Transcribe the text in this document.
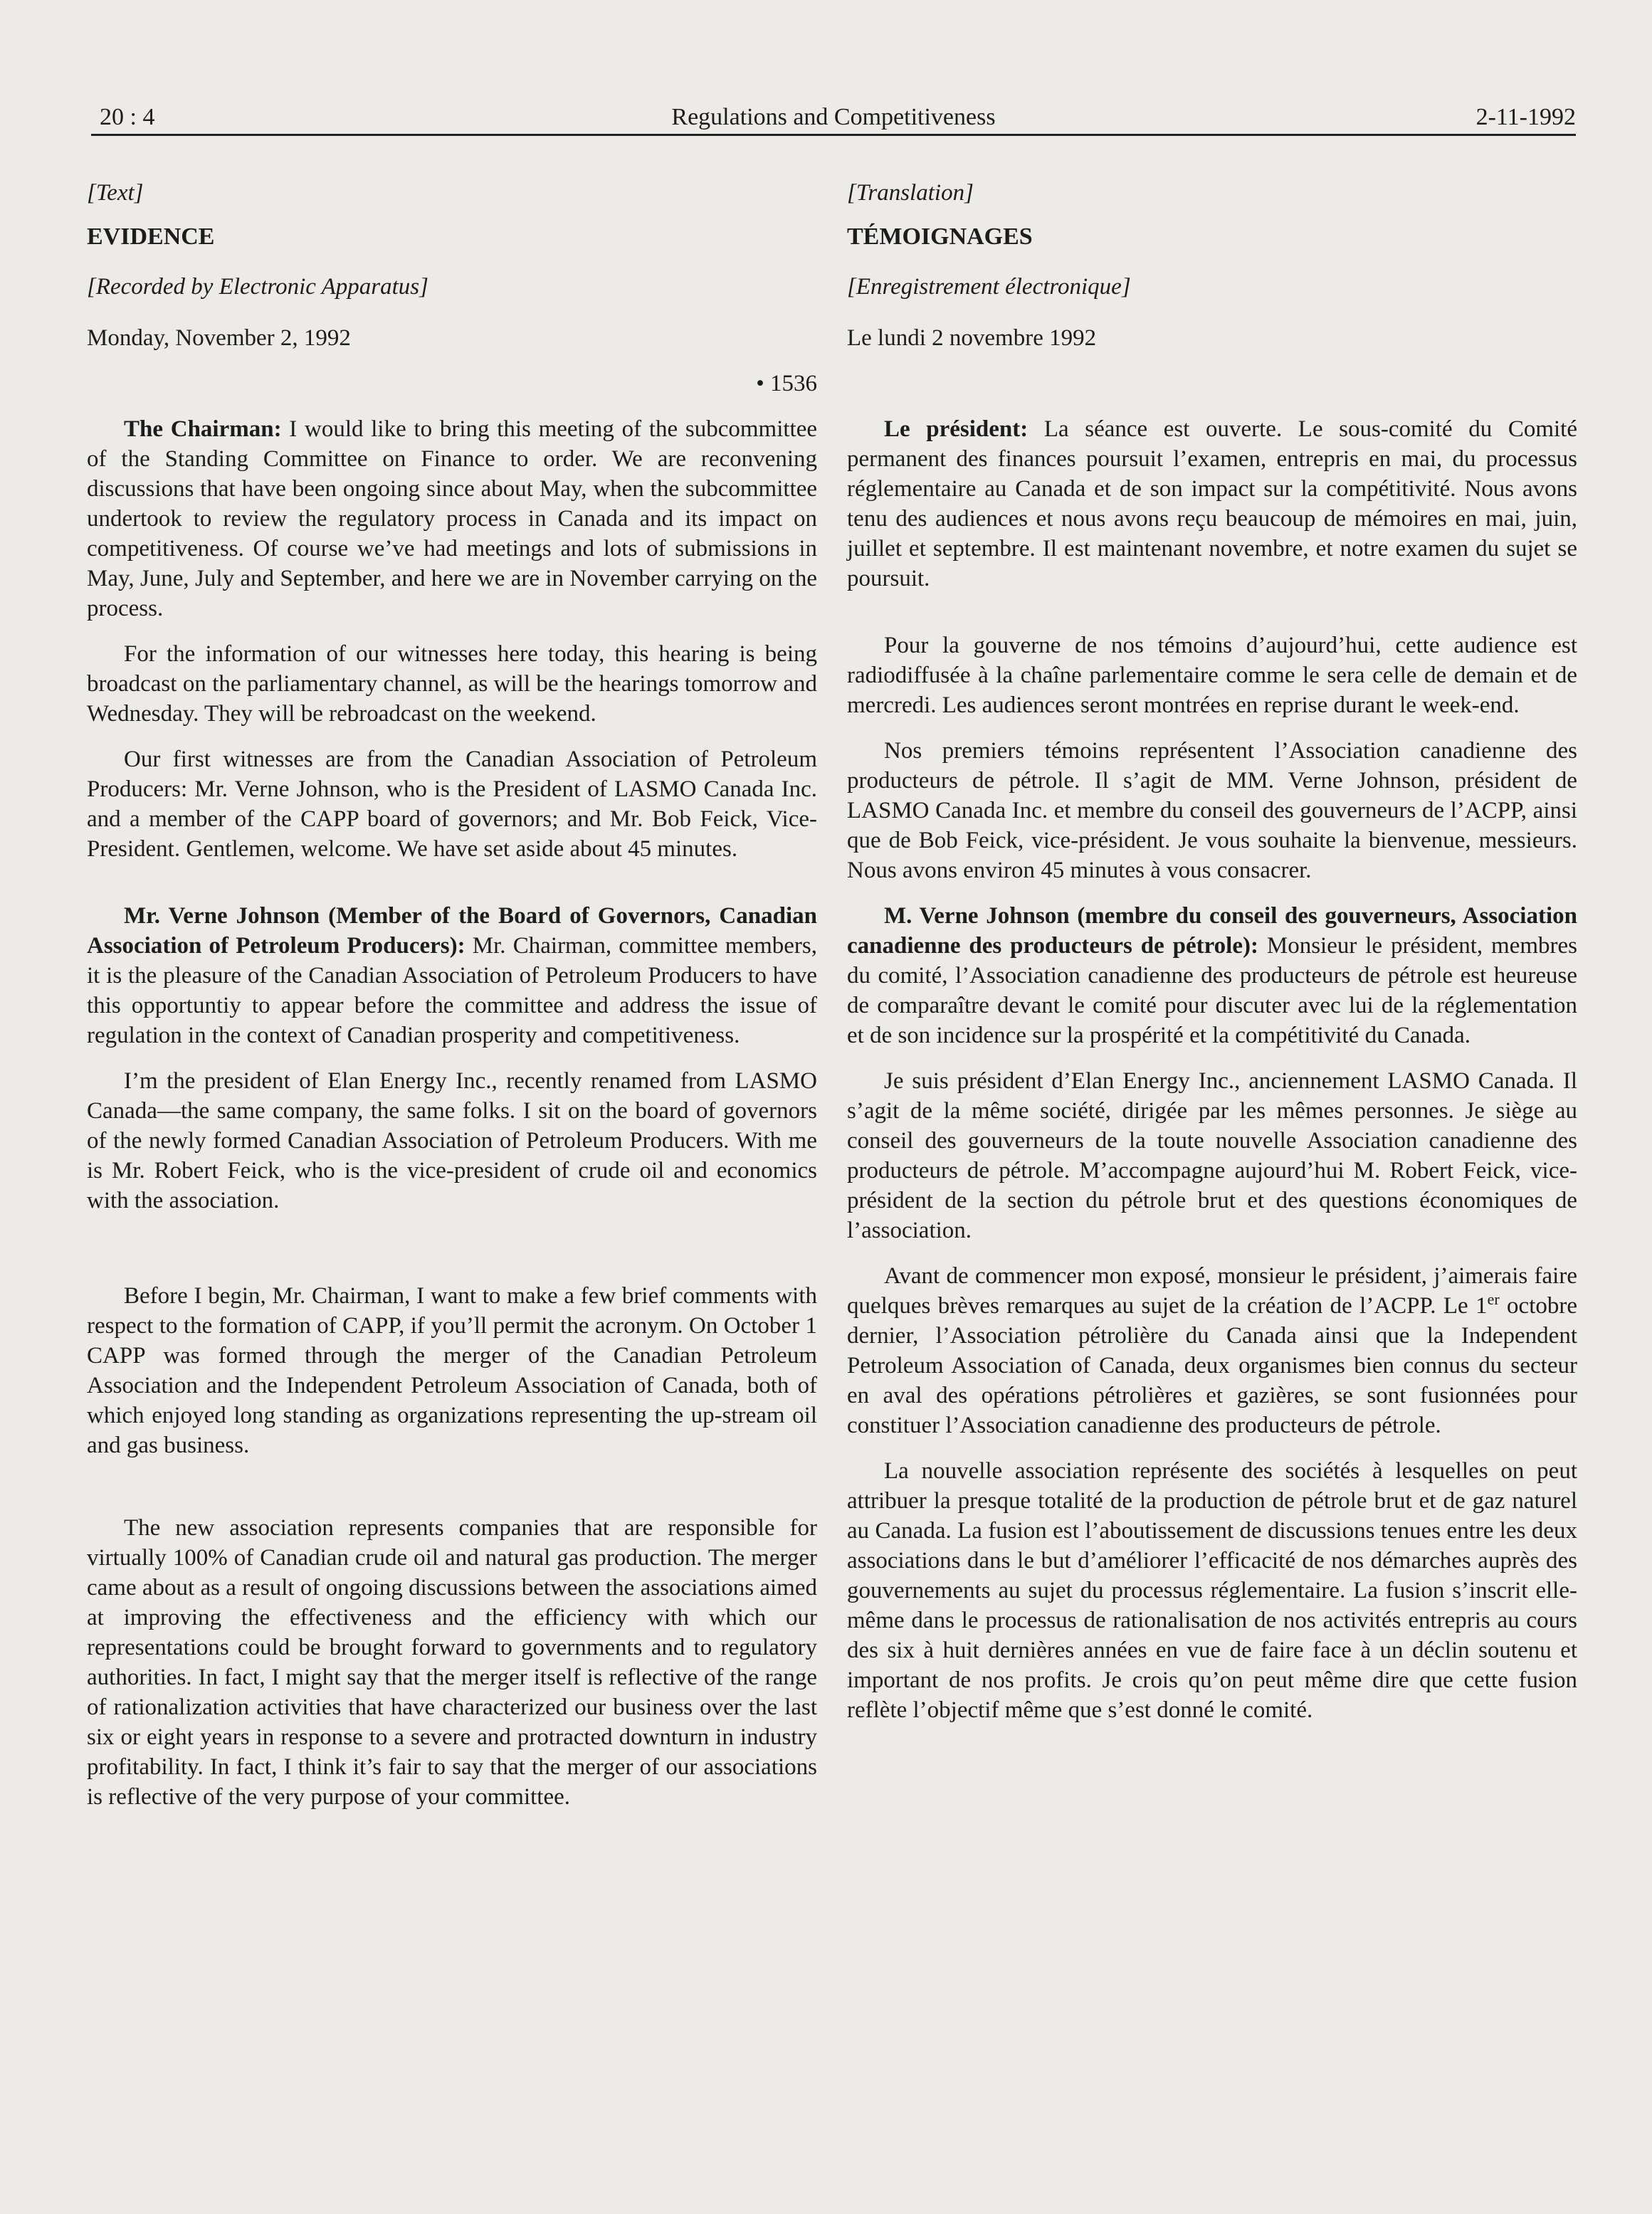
20 : 4	Regulations and Competitiveness	2-11-1992
[Text]
EVIDENCE
[Recorded by Electronic Apparatus]
Monday, November 2, 1992
• 1536

The Chairman: I would like to bring this meeting of the subcommittee of the Standing Committee on Finance to order. We are reconvening discussions that have been ongoing since about May, when the subcommittee undertook to review the regulatory process in Canada and its impact on competitiveness. Of course we’ve had meetings and lots of submissions in May, June, July and September, and here we are in November carrying on the process.

For the information of our witnesses here today, this hearing is being broadcast on the parliamentary channel, as will be the hearings tomorrow and Wednesday. They will be rebroadcast on the weekend.

Our first witnesses are from the Canadian Association of Petroleum Producers: Mr. Verne Johnson, who is the President of LASMO Canada Inc. and a member of the CAPP board of governors; and Mr. Bob Feick, Vice-President. Gentlemen, welcome. We have set aside about 45 minutes.

Mr. Verne Johnson (Member of the Board of Governors, Canadian Association of Petroleum Producers): Mr. Chairman, committee members, it is the pleasure of the Canadian Association of Petroleum Producers to have this opportuntiy to appear before the committee and address the issue of regulation in the context of Canadian prosperity and competitiveness.

I’m the president of Elan Energy Inc., recently renamed from LASMO Canada—the same company, the same folks. I sit on the board of governors of the newly formed Canadian Association of Petroleum Producers. With me is Mr. Robert Feick, who is the vice-president of crude oil and economics with the association.

Before I begin, Mr. Chairman, I want to make a few brief comments with respect to the formation of CAPP, if you’ll permit the acronym. On October 1 CAPP was formed through the merger of the Canadian Petroleum Association and the Independent Petroleum Association of Canada, both of which enjoyed long standing as organizations representing the up-stream oil and gas business.

The new association represents companies that are responsible for virtually 100% of Canadian crude oil and natural gas production. The merger came about as a result of ongoing discussions between the associations aimed at improving the effectiveness and the efficiency with which our representations could be brought forward to governments and to regulatory authorities. In fact, I might say that the merger itself is reflective of the range of rationalization activities that have characterized our business over the last six or eight years in response to a severe and protracted downturn in industry profitability. In fact, I think it’s fair to say that the merger of our associations is reflective of the very purpose of your committee.

[Translation]
TÉMOIGNAGES
[Enregistrement électronique]
Le lundi 2 novembre 1992

Le président: La séance est ouverte. Le sous-comité du Comité permanent des finances poursuit l’examen, entrepris en mai, du processus réglementaire au Canada et de son impact sur la compétitivité. Nous avons tenu des audiences et nous avons reçu beaucoup de mémoires en mai, juin, juillet et septembre. Il est maintenant novembre, et notre examen du sujet se poursuit.

Pour la gouverne de nos témoins d’aujourd’hui, cette audience est radiodiffusée à la chaîne parlementaire comme le sera celle de demain et de mercredi. Les audiences seront montrées en reprise durant le week-end.

Nos premiers témoins représentent l’Association canadienne des producteurs de pétrole. Il s’agit de MM. Verne Johnson, président de LASMO Canada Inc. et membre du conseil des gouverneurs de l’ACPP, ainsi que de Bob Feick, vice-président. Je vous souhaite la bienvenue, messieurs. Nous avons environ 45 minutes à vous consacrer.

M. Verne Johnson (membre du conseil des gouverneurs, Association canadienne des producteurs de pétrole): Monsieur le président, membres du comité, l’Association canadienne des producteurs de pétrole est heureuse de comparaître devant le comité pour discuter avec lui de la réglementation et de son incidence sur la prospérité et la compétitivité du Canada.

Je suis président d’Elan Energy Inc., anciennement LASMO Canada. Il s’agit de la même société, dirigée par les mêmes personnes. Je siège au conseil des gouverneurs de la toute nouvelle Association canadienne des producteurs de pétrole. M’accompagne aujourd’hui M. Robert Feick, vice-président de la section du pétrole brut et des questions économiques de l’association.

Avant de commencer mon exposé, monsieur le président, j’aimerais faire quelques brèves remarques au sujet de la création de l’ACPP. Le 1er octobre dernier, l’Association pétrolière du Canada ainsi que la Independent Petroleum Association of Canada, deux organismes bien connus du secteur en aval des opérations pétrolières et gazières, se sont fusionnées pour constituer l’Association canadienne des producteurs de pétrole.

La nouvelle association représente des sociétés à lesquelles on peut attribuer la presque totalité de la production de pétrole brut et de gaz naturel au Canada. La fusion est l’aboutissement de discussions tenues entre les deux associations dans le but d’améliorer l’efficacité de nos démarches auprès des gouvernements au sujet du processus réglementaire. La fusion s’inscrit elle-même dans le processus de rationalisation de nos activités entrepris au cours des six à huit dernières années en vue de faire face à un déclin soutenu et important de nos profits. Je crois qu’on peut même dire que cette fusion reflète l’objectif même que s’est donné le comité.
